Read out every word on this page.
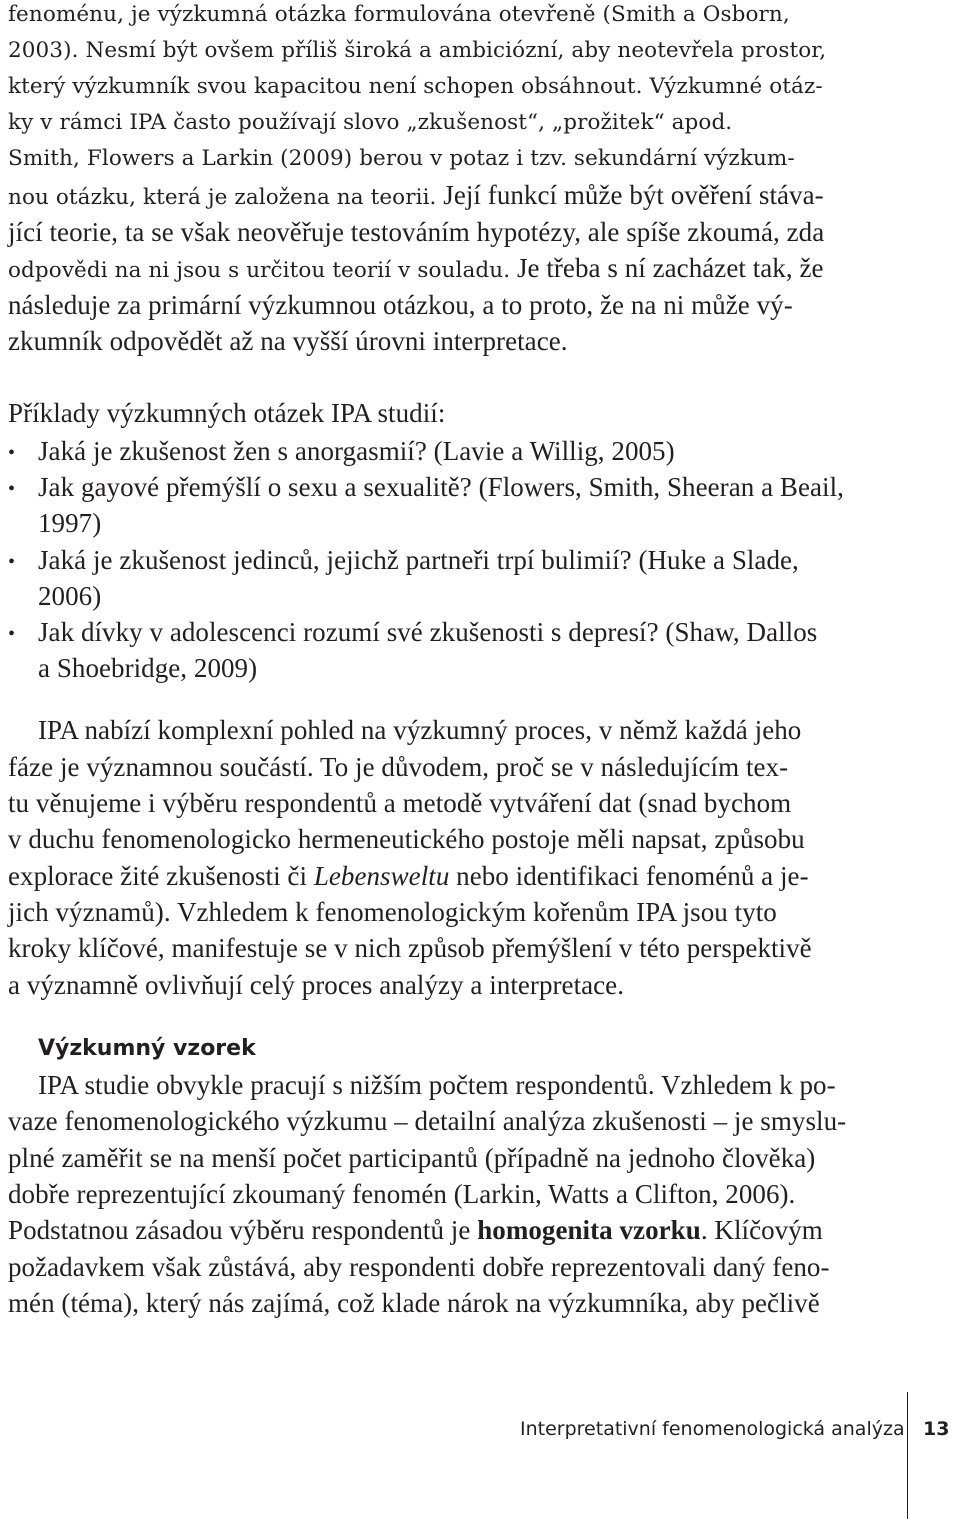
fenoménu, je výzkumná otázka formulována otevřeně (Smith a Osborn,
2003). Nesmí být ovšem příliš široká a ambiciózní, aby neotevřela prostor,
který výzkumník svou kapacitou není schopen obsáhnout. Výzkumné otáz-
ky v rámci IPA často používají slovo „zkušenost“, „prožitek“ apod.
Smith, Flowers a Larkin (2009) berou v potaz i tzv. sekundární výzkum-
nou otázku, která je založena na teorii. Její funkcí může být ověření stáva-
jící teorie, ta se však neověřuje testováním hypotézy, ale spíše zkoumá, zda
odpovědi na ni jsou s určitou teorií v souladu. Je třeba s ní zacházet tak, že
následuje za primární výzkumnou otázkou, a to proto, že na ni může vý-
zkumník odpovědět až na vyšší úrovni interpretace.
Příklady výzkumných otázek IPA studií:
• Jaká je zkušenost žen s anorgasmií? (Lavie a Willig, 2005)
• Jak gayové přemýšlí o sexu a sexualitě? (Flowers, Smith, Sheeran a Beail,
1997)
• Jaká je zkušenost jedinců, jejichž partneři trpí bulimií? (Huke a Slade,
2006)
• Jak dívky v adolescenci rozumí své zkušenosti s depresí? (Shaw, Dallos
a Shoebridge, 2009)
IPA nabízí komplexní pohled na výzkumný proces, v němž každá jeho
fáze je významnou součástí. To je důvodem, proč se v následujícím tex-
tu věnujeme i výběru respondentů a metodě vytváření dat (snad bychom
v duchu fenomenologicko hermeneutického postoje měli napsat, způsobu
explorace žité zkušenosti či Lebensweltu nebo identifikaci fenoménů a je-
jich významů). Vzhledem k fenomenologickým kořenům IPA jsou tyto
kroky klíčové, manifestuje se v nich způsob přemýšlení v této perspektivě
a významně ovlivňují celý proces analýzy a interpretace.
Výzkumný vzorek
IPA studie obvykle pracují s nižším počtem respondentů. Vzhledem k po-
vaze fenomenologického výzkumu – detailní analýza zkušenosti – je smyslu-
plné zaměřit se na menší počet participantů (případně na jednoho člověka)
dobře reprezentující zkoumaný fenomén (Larkin, Watts a Clifton, 2006).
Podstatnou zásadou výběru respondentů je homogenita vzorku. Klíčovým
požadavkem však zůstává, aby respondenti dobře reprezentovali daný feno-
mén (téma), který nás zajímá, což klade nárok na výzkumníka, aby pečlivě
Interpretativní fenomenologická analýza 13
